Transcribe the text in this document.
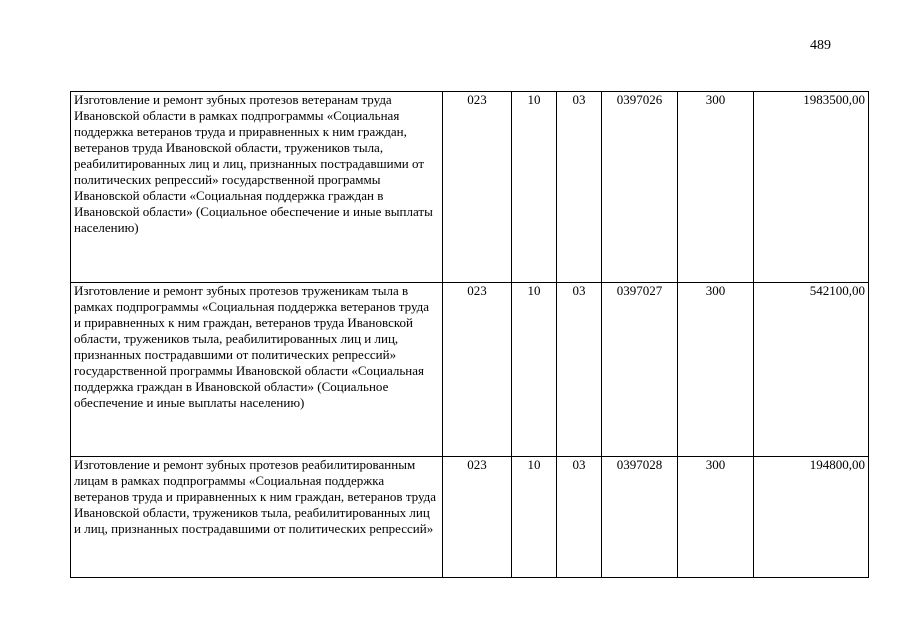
489
Изготовление и ремонт зубных протезов ветеранам труда Ивановской области в рамках подпрограммы «Социальная поддержка ветеранов труда и приравненных к ним граждан, ветеранов труда Ивановской области, тружеников тыла, реабилитированных лиц и лиц, признанных пострадавшими от политических репрессий» государственной программы Ивановской области «Социальная поддержка граждан в Ивановской области» (Социальное обеспечение и иные выплаты населению)	023	10	03	0397026	300	1983500,00
Изготовление и ремонт зубных протезов труженикам тыла в рамках подпрограммы «Социальная поддержка ветеранов труда и приравненных к ним граждан, ветеранов труда Ивановской области, тружеников тыла, реабилитированных лиц и лиц, признанных пострадавшими от политических репрессий» государственной программы Ивановской области «Социальная поддержка граждан в Ивановской области» (Социальное обеспечение и иные выплаты населению)	023	10	03	0397027	300	542100,00
Изготовление и ремонт зубных протезов реабилитированным лицам в рамках подпрограммы «Социальная поддержка ветеранов труда и приравненных к ним граждан, ветеранов труда Ивановской области, тружеников тыла, реабилитированных лиц и лиц, признанных пострадавшими от политических репрессий»	023	10	03	0397028	300	194800,00
